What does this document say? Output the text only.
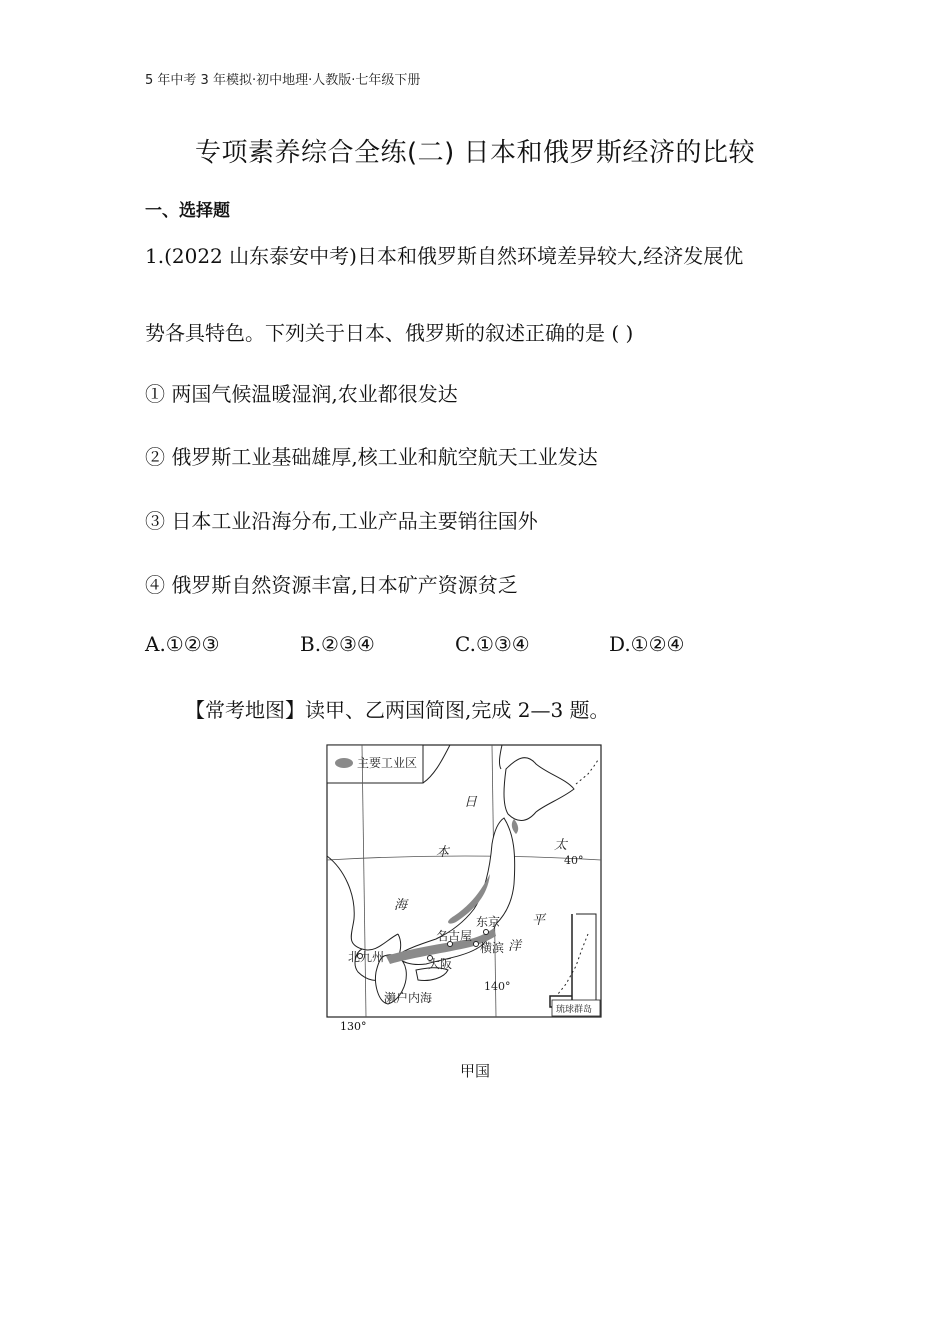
5 年中考 3 年模拟·初中地理·人教版·七年级下册
专项素养综合全练(二) 日本和俄罗斯经济的比较
一、选择题
1.(2022 山东泰安中考)日本和俄罗斯自然环境差异较大,经济发展优
势各具特色。下列关于日本、俄罗斯的叙述正确的是 ( )
① 两国气候温暖湿润,农业都很发达
② 俄罗斯工业基础雄厚,核工业和航空航天工业发达
③ 日本工业沿海分布,工业产品主要销往国外
④ 俄罗斯自然资源丰富,日本矿产资源贫乏
A.①②③	B.②③④	C.①③④	D.①②④
【常考地图】读甲、乙两国简图,完成 2—3 题。
主要工业区
日
本
海
太
平
洋
东京
横滨
名古屋
大阪
北九州
濑户内海
40°
140°
琉球群岛
130°
甲国
